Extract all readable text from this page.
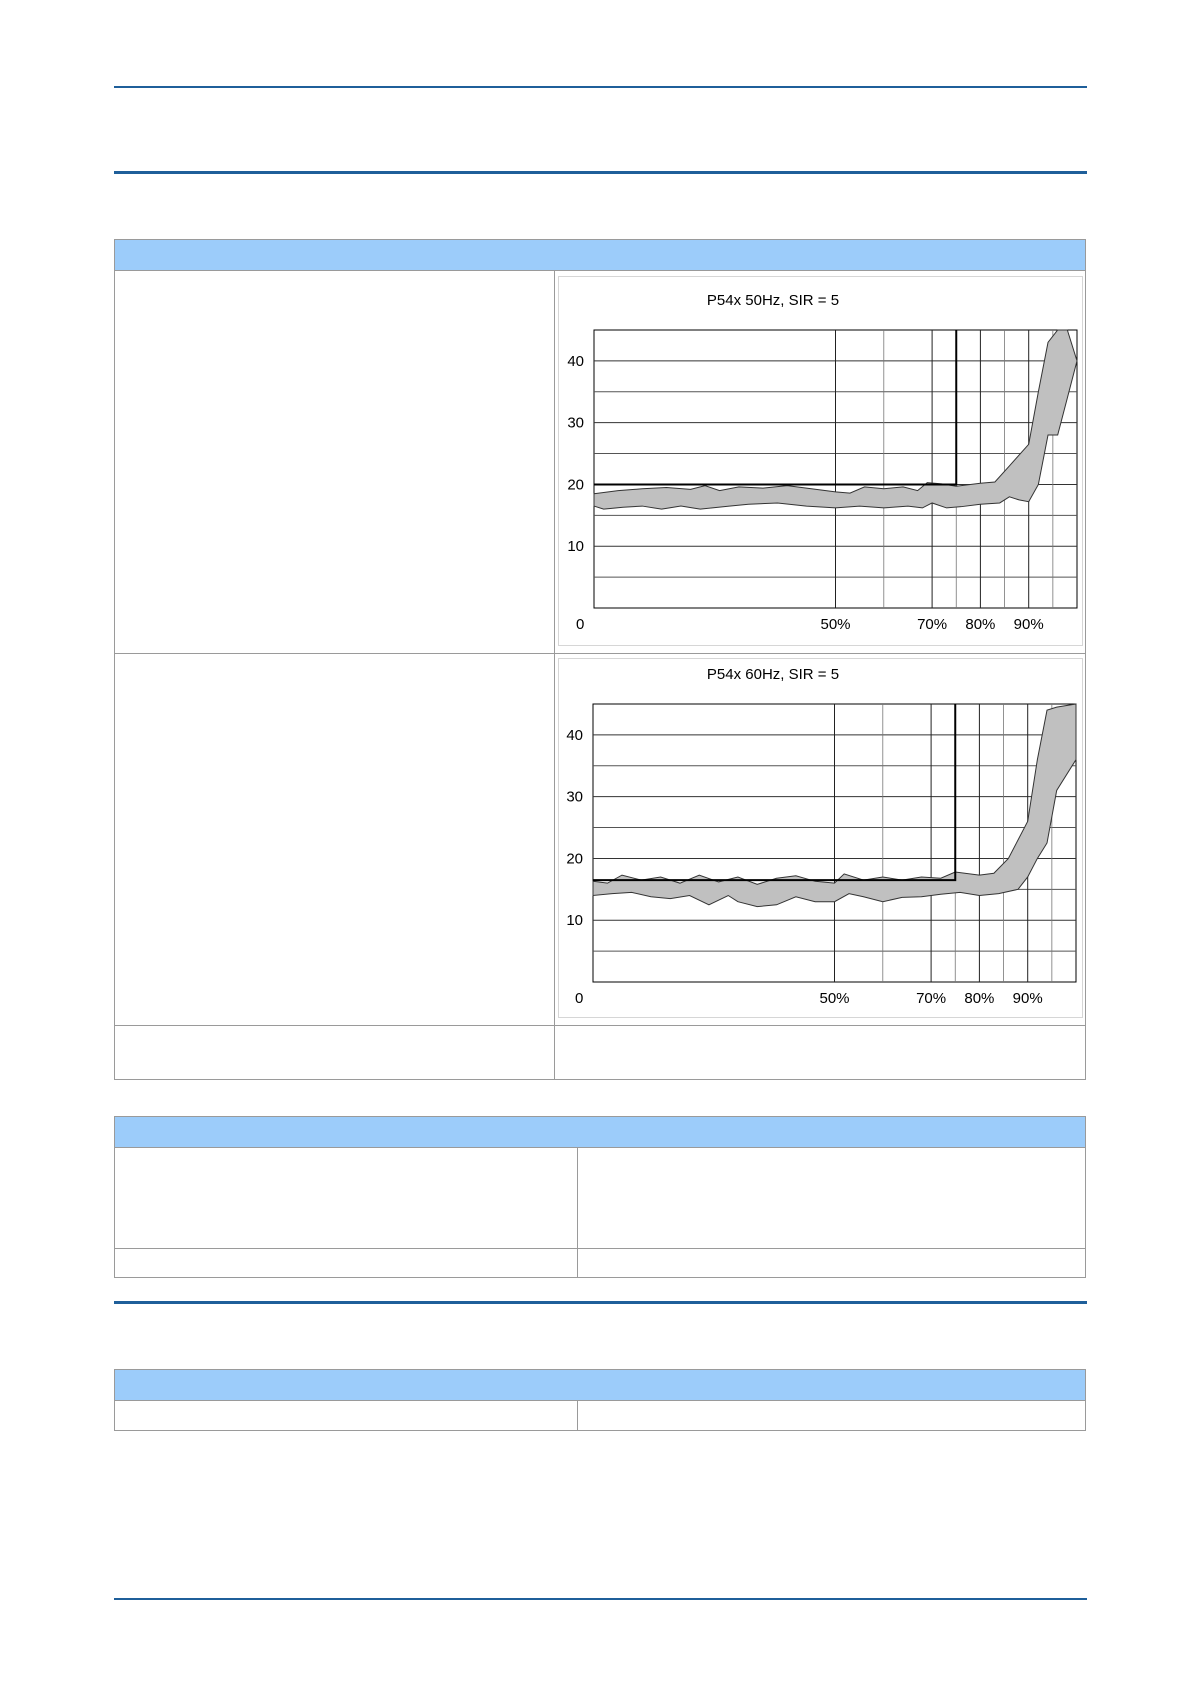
P54x 50Hz, SIR = 5
10
20
30
40
0	50%	70% 80% 90%
P54x 60Hz, SIR = 5
10
20
30
40
0	50%	70% 80% 90%
